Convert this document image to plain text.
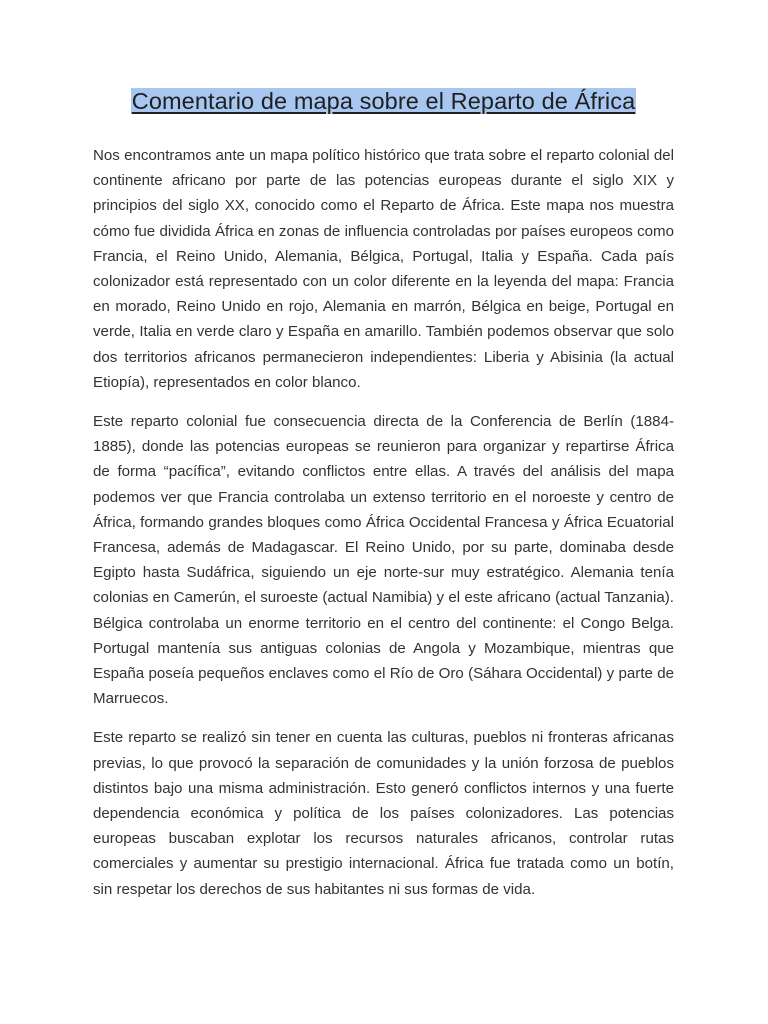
Comentario de mapa sobre el Reparto de África

Nos encontramos ante un mapa político histórico que trata sobre el reparto colonial del continente africano por parte de las potencias europeas durante el siglo XIX y principios del siglo XX, conocido como el Reparto de África. Este mapa nos muestra cómo fue dividida África en zonas de influencia controladas por países europeos como Francia, el Reino Unido, Alemania, Bélgica, Portugal, Italia y España. Cada país colonizador está representado con un color diferente en la leyenda del mapa: Francia en morado, Reino Unido en rojo, Alemania en marrón, Bélgica en beige, Portugal en verde, Italia en verde claro y España en amarillo. También podemos observar que solo dos territorios africanos permanecieron independientes: Liberia y Abisinia (la actual Etiopía), representados en color blanco.

Este reparto colonial fue consecuencia directa de la Conferencia de Berlín (1884-1885), donde las potencias europeas se reunieron para organizar y repartirse África de forma “pacífica”, evitando conflictos entre ellas. A través del análisis del mapa podemos ver que Francia controlaba un extenso territorio en el noroeste y centro de África, formando grandes bloques como África Occidental Francesa y África Ecuatorial Francesa, además de Madagascar. El Reino Unido, por su parte, dominaba desde Egipto hasta Sudáfrica, siguiendo un eje norte-sur muy estratégico. Alemania tenía colonias en Camerún, el suroeste (actual Namibia) y el este africano (actual Tanzania). Bélgica controlaba un enorme territorio en el centro del continente: el Congo Belga. Portugal mantenía sus antiguas colonias de Angola y Mozambique, mientras que España poseía pequeños enclaves como el Río de Oro (Sáhara Occidental) y parte de Marruecos.

Este reparto se realizó sin tener en cuenta las culturas, pueblos ni fronteras africanas previas, lo que provocó la separación de comunidades y la unión forzosa de pueblos distintos bajo una misma administración. Esto generó conflictos internos y una fuerte dependencia económica y política de los países colonizadores. Las potencias europeas buscaban explotar los recursos naturales africanos, controlar rutas comerciales y aumentar su prestigio internacional. África fue tratada como un botín, sin respetar los derechos de sus habitantes ni sus formas de vida.
